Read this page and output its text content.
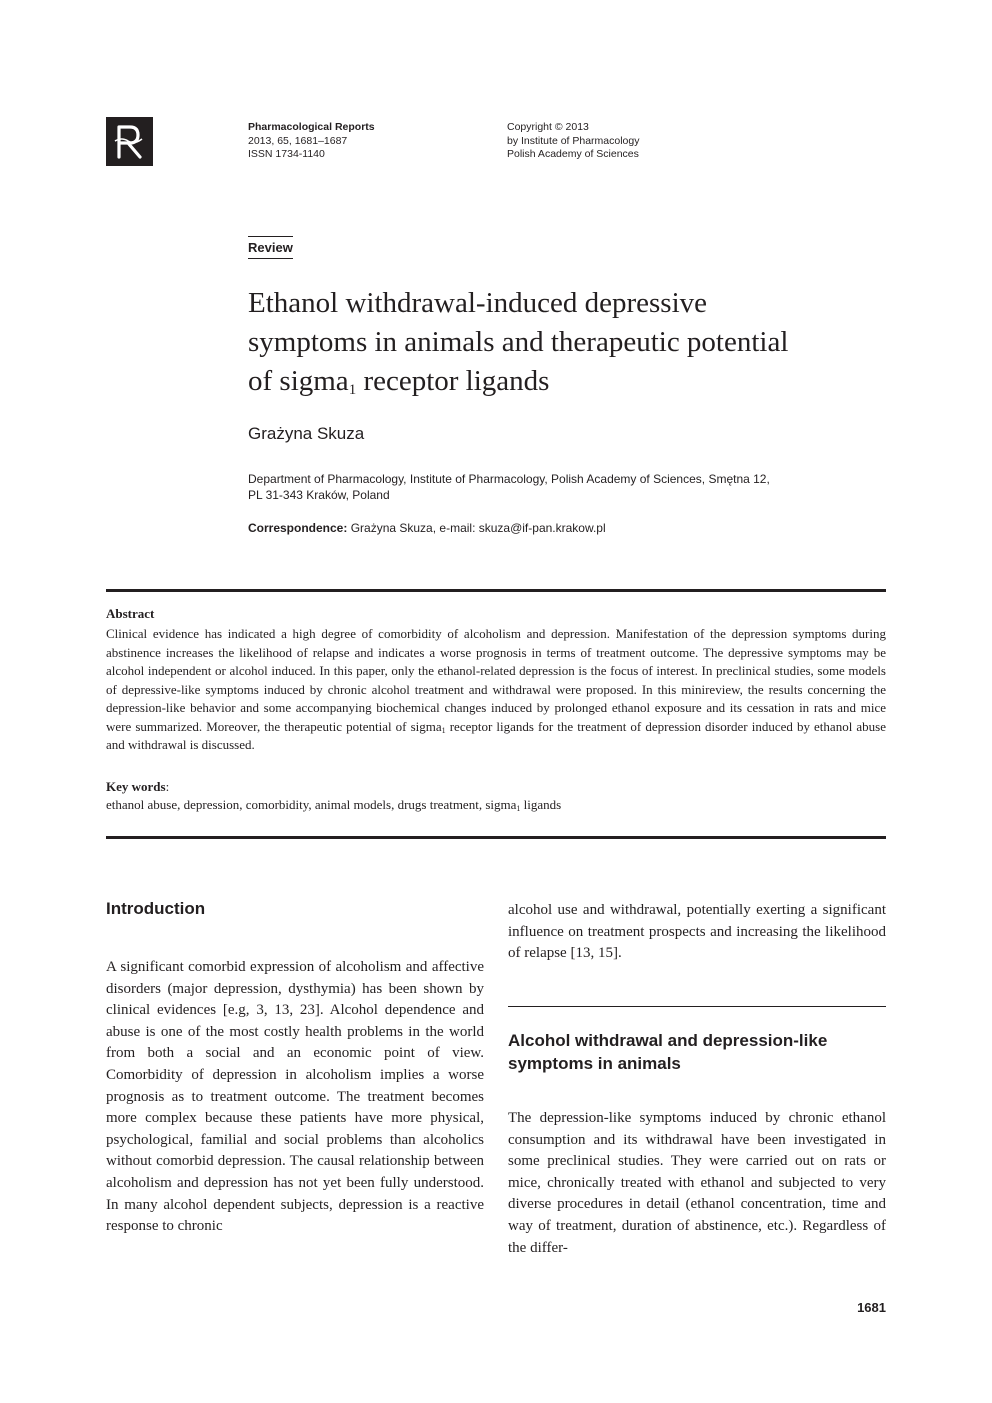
Pharmacological Reports
2013, 65, 1681–1687
ISSN 1734-1140
Copyright © 2013
by Institute of Pharmacology
Polish Academy of Sciences
Review
Ethanol withdrawal-induced depressive
symptoms in animals and therapeutic potential
of sigma$_1$ receptor ligands
Grażyna Skuza
Department of Pharmacology, Institute of Pharmacology, Polish Academy of Sciences, Smętna 12,
PL 31-343 Kraków, Poland
Correspondence: Grażyna Skuza, e-mail: skuza@if-pan.krakow.pl
Abstract
Clinical evidence has indicated a high degree of comorbidity of alcoholism and depression. Manifestation of the depression symptoms during abstinence increases the likelihood of relapse and indicates a worse prognosis in terms of treatment outcome. The depressive symptoms may be alcohol independent or alcohol induced. In this paper, only the ethanol-related depression is the focus of interest. In preclinical studies, some models of depressive-like symptoms induced by chronic alcohol treatment and withdrawal were proposed. In this minireview, the results concerning the depression-like behavior and some accompanying biochemical changes induced by prolonged ethanol exposure and its cessation in rats and mice were summarized. Moreover, the therapeutic potential of sigma$_1$ receptor ligands for the treatment of depression disorder induced by ethanol abuse and withdrawal is discussed.
Key words:
ethanol abuse, depression, comorbidity, animal models, drugs treatment, sigma$_1$ ligands
Introduction
A significant comorbid expression of alcoholism and affective disorders (major depression, dysthymia) has been shown by clinical evidences [e.g, 3, 13, 23]. Alcohol dependence and abuse is one of the most costly health problems in the world from both a social and an economic point of view. Comorbidity of depression in alcoholism implies a worse prognosis as to treatment outcome. The treatment becomes more complex because these patients have more physical, psychological, familial and social problems than alcoholics without comorbid depression. The causal relationship between alcoholism and depression has not yet been fully understood. In many alcohol dependent subjects, depression is a reactive response to chronic
alcohol use and withdrawal, potentially exerting a significant influence on treatment prospects and increasing the likelihood of relapse [13, 15].
Alcohol withdrawal and depression-like symptoms in animals
The depression-like symptoms induced by chronic ethanol consumption and its withdrawal have been investigated in some preclinical studies. They were carried out on rats or mice, chronically treated with ethanol and subjected to very diverse procedures in detail (ethanol concentration, time and way of treatment, duration of abstinence, etc.). Regardless of the differ-
1681
